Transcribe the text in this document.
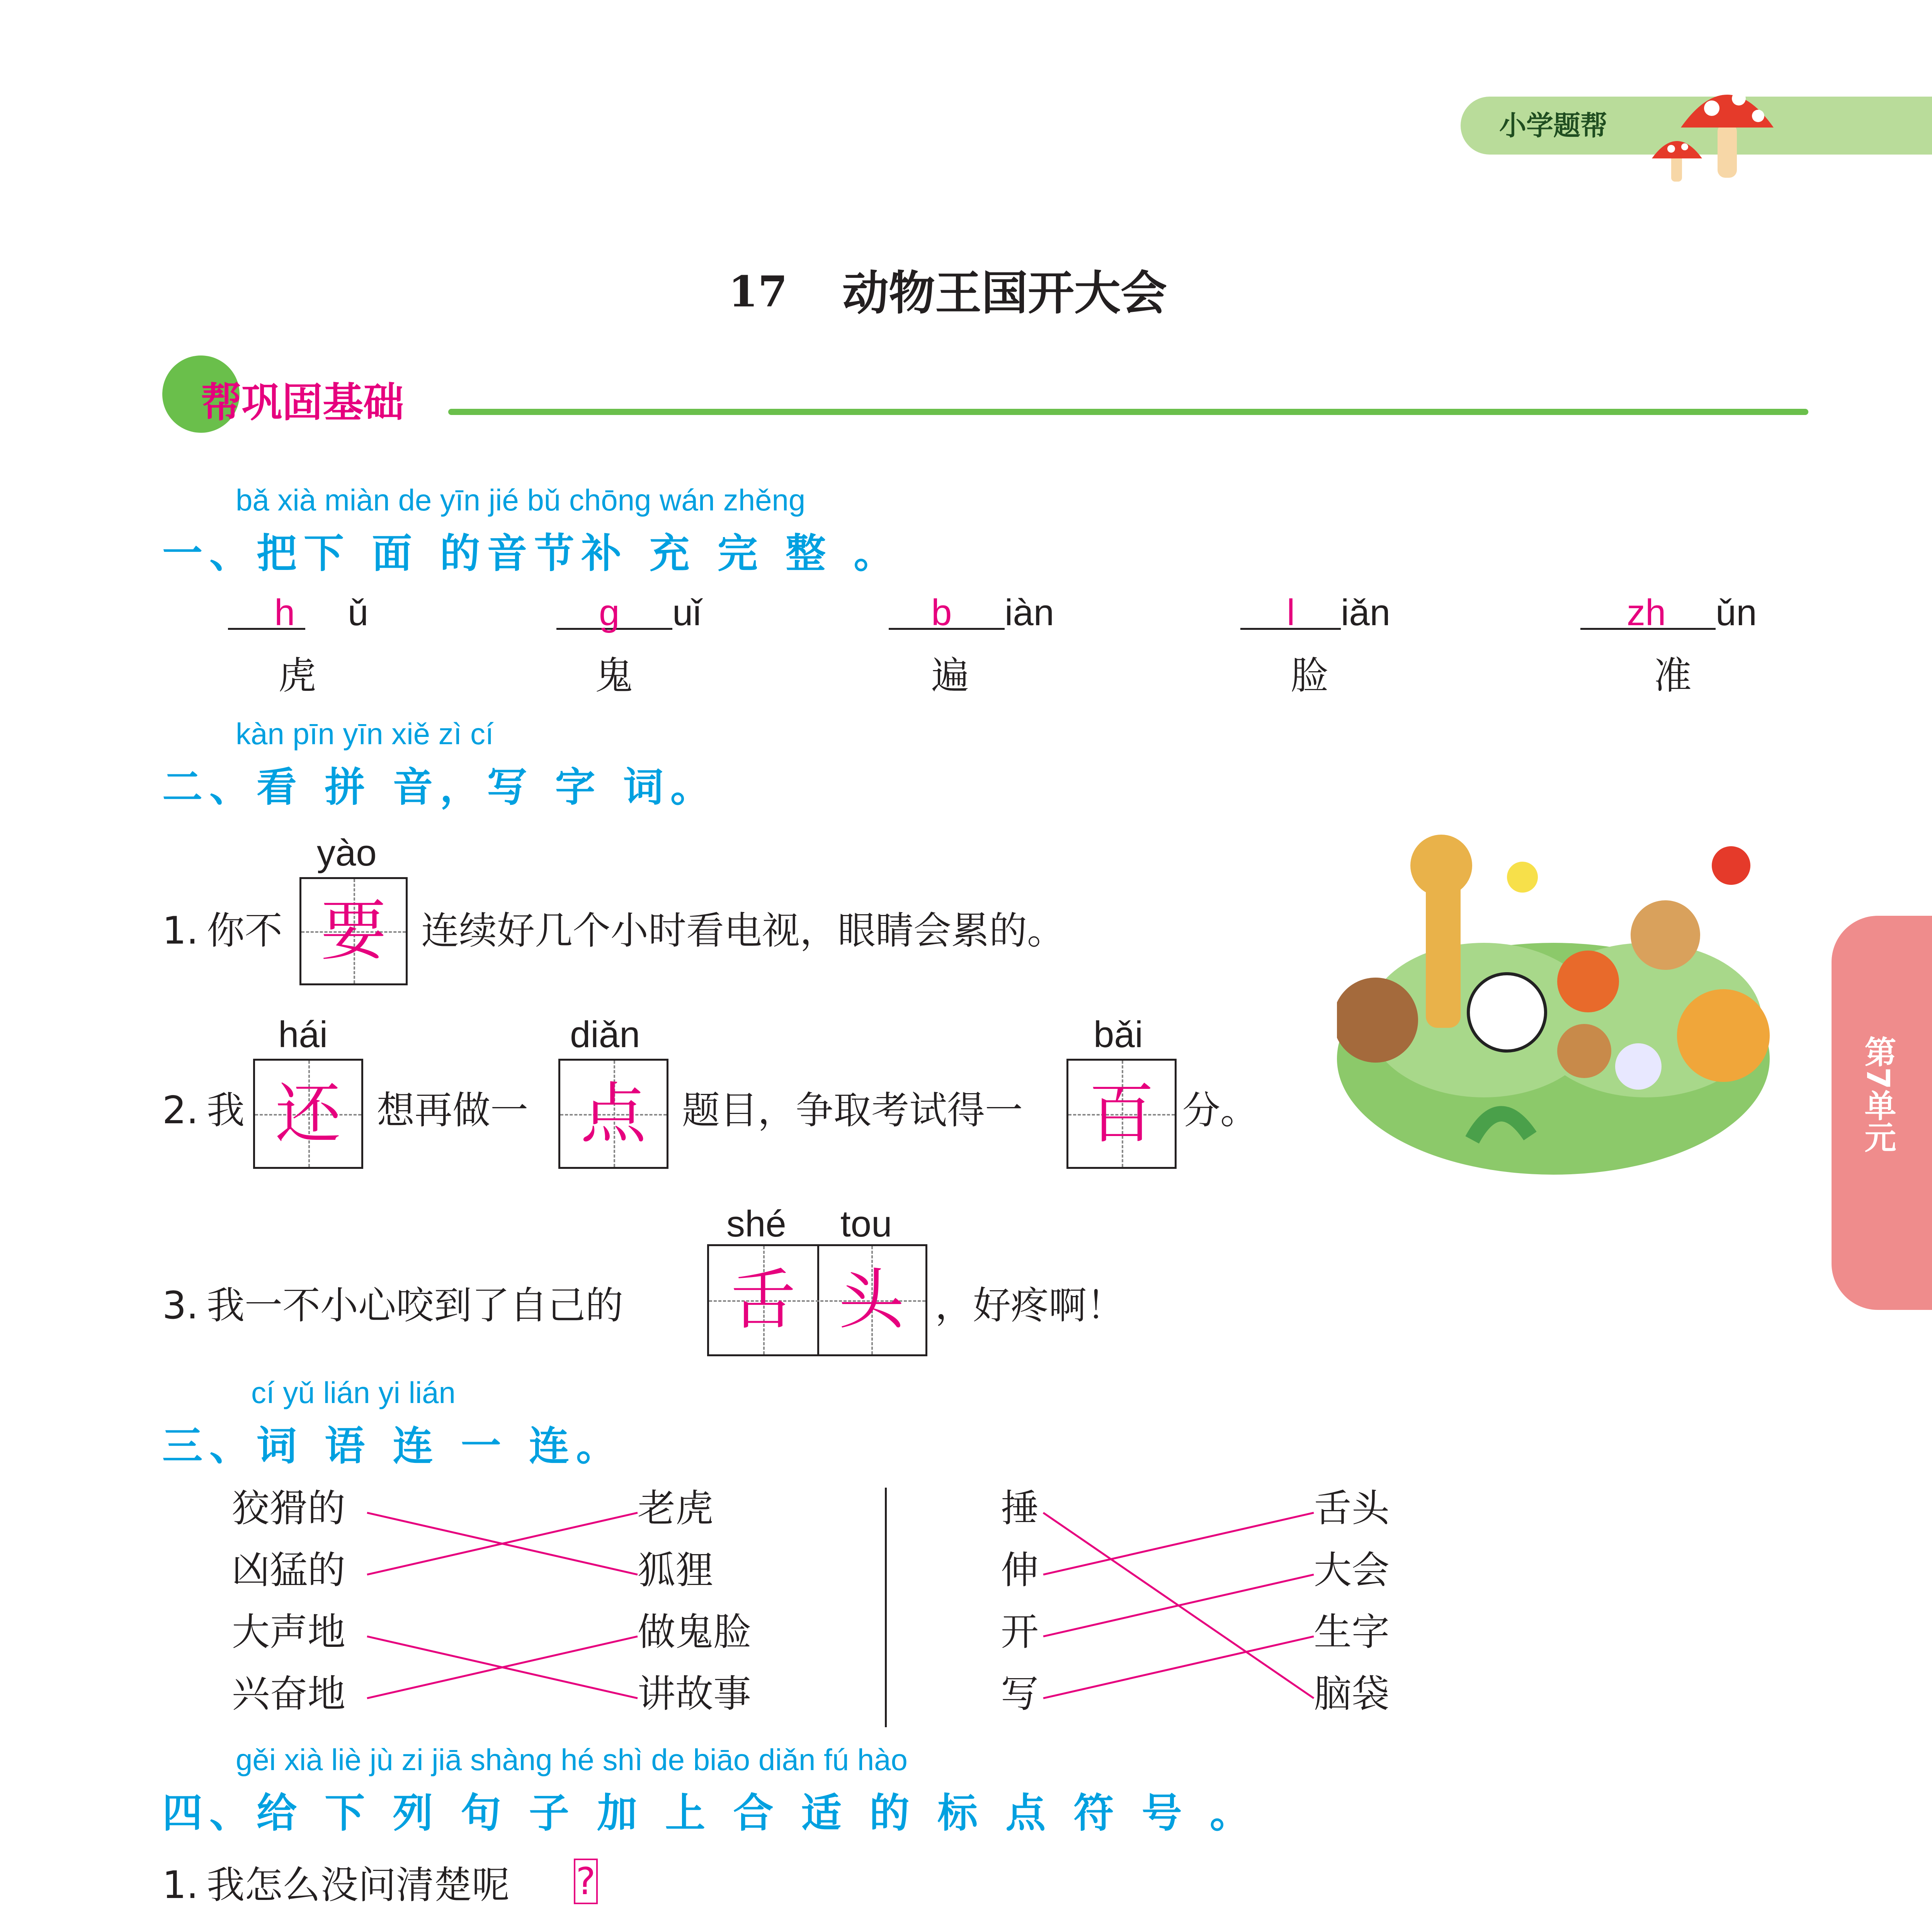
小学题帮
17 动物王国开大会
帮巩固基础
bǎ xià miàn de yīn jié bǔ chōng wán zhěng
一、把下 面 的音节补 充 完 整 。
h ǔ
虎
g uǐ
鬼
b iàn
遍
l iǎn
脸
zh ǔn
准
kàn pīn yīn xiě zì cí
二、看 拼 音，写 字 词。
yào
1. 你不 要 连续好几个小时看电视，眼睛会累的。
hái	diǎn	bǎi
2. 我 还 想再做一 点 题目，争取考试得一	百 分。
shé tou
3. 我一不小心咬到了自己的	舌 头 ，好疼啊！
第7单元
cí yǔ lián yi lián
三、词 语 连 一 连。
狡猾的
凶猛的
大声地
兴奋地
老虎
狐狸
做鬼脸
讲故事
捶
伸
开
写
舌头
大会
生字
脑袋
gěi xià liè jù zi jiā shàng hé shì de biāo diǎn fú hào
四、给 下 列 句 子 加 上 合 适 的 标 点 符 号 。
1. 我怎么没问清楚呢 ?
